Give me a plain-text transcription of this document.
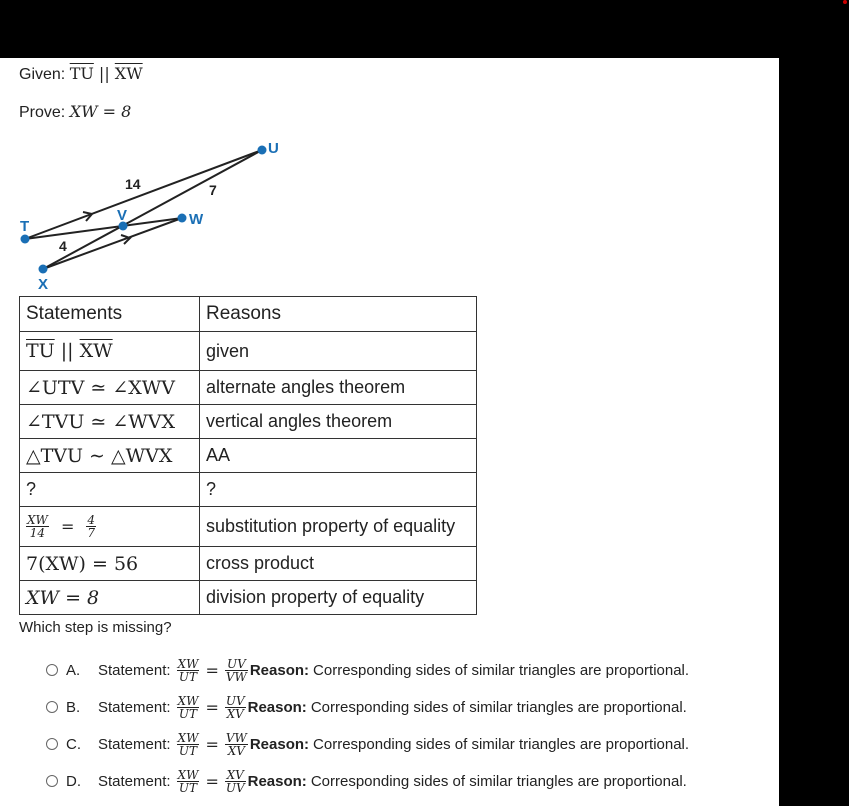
Given: $\overline{TU}$ || $\overline{XW}$
Prove: XW = 8
T
U
V	W
X
14	7
4
Statements	Reasons
$\overline{TU}$ || $\overline{XW}$	given
∠UTV ≃ ∠XWV	alternate angles theorem
∠TVU ≃ ∠WVX	vertical angles theorem
△TVU ∼ △WVX	AA
?	?

$\frac{XW}{14} = \frac{4}{7}$	substitution property of equality
7(XW) = 56	cross product
XW = 8	division property of equality
Which step is missing?
A.	Statement: $\frac{XW}{UT} = \frac{UV}{VW}$ Reason: Corresponding sides of similar triangles are proportional.
B.	Statement: $\frac{XW}{UT} = \frac{UV}{XV}$ Reason: Corresponding sides of similar triangles are proportional.
C.	Statement: $\frac{XW}{UT} = \frac{VW}{XV}$ Reason: Corresponding sides of similar triangles are proportional.
D.	Statement: $\frac{XW}{UT} = \frac{XV}{UV}$ Reason: Corresponding sides of similar triangles are proportional.
